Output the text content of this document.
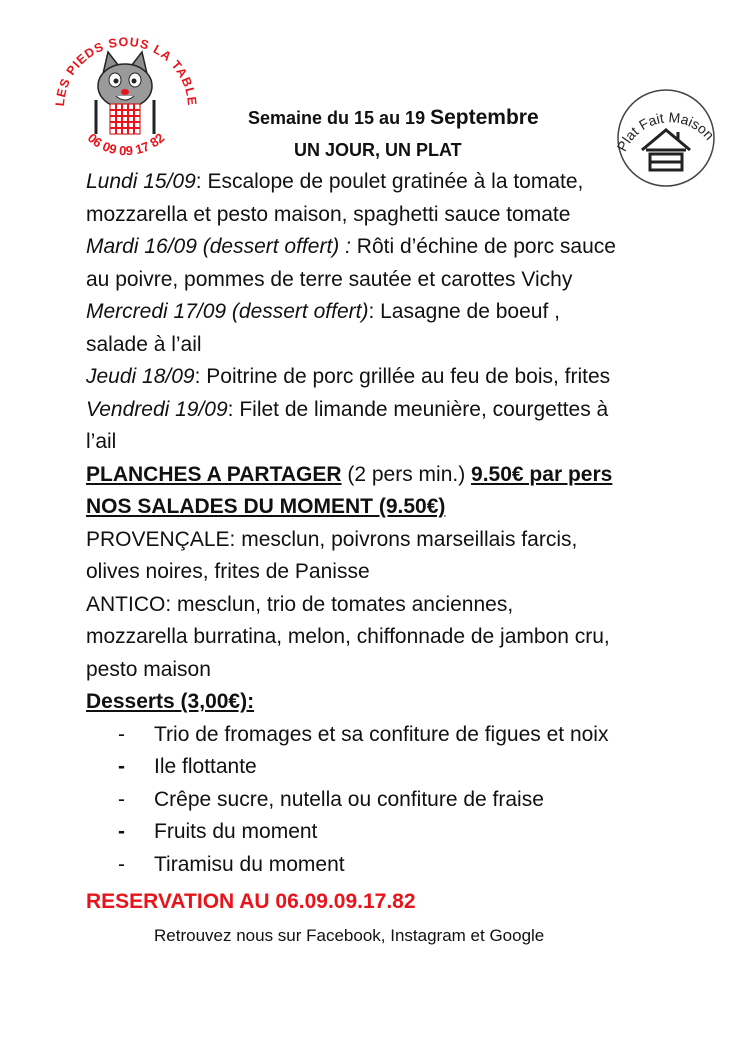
LES PIEDS SOUS LA TABLE
06 09 09 17 82	Plat Fait Maison
Semaine du 15 au 19 Septembre
UN JOUR, UN PLAT

Lundi 15/09: Escalope de poulet gratinée à la tomate,

mozzarella et pesto maison, spaghetti sauce tomate

Mardi 16/09 (dessert offert) : Rôti d’échine de porc sauce

au poivre, pommes de terre sautée et carottes Vichy

Mercredi 17/09 (dessert offert): Lasagne de boeuf ,

salade à l’ail

Jeudi 18/09: Poitrine de porc grillée au feu de bois, frites

Vendredi 19/09: Filet de limande meunière, courgettes à

l’ail

PLANCHES A PARTAGER (2 pers min.) 9.50€ par pers

NOS SALADES DU MOMENT (9.50€)

PROVENÇALE: mesclun, poivrons marseillais farcis,

olives noires, frites de Panisse

ANTICO: mesclun, trio de tomates anciennes,

mozzarella burratina, melon, chiffonnade de jambon cru,

pesto maison

Desserts (3,00€):

- Trio de fromages et sa confiture de figues et noix
- Ile flottante
- Crêpe sucre, nutella ou confiture de fraise
- Fruits du moment
- Tiramisu du moment
RESERVATION AU 06.09.09.17.82
Retrouvez nous sur Facebook, Instagram et Google
